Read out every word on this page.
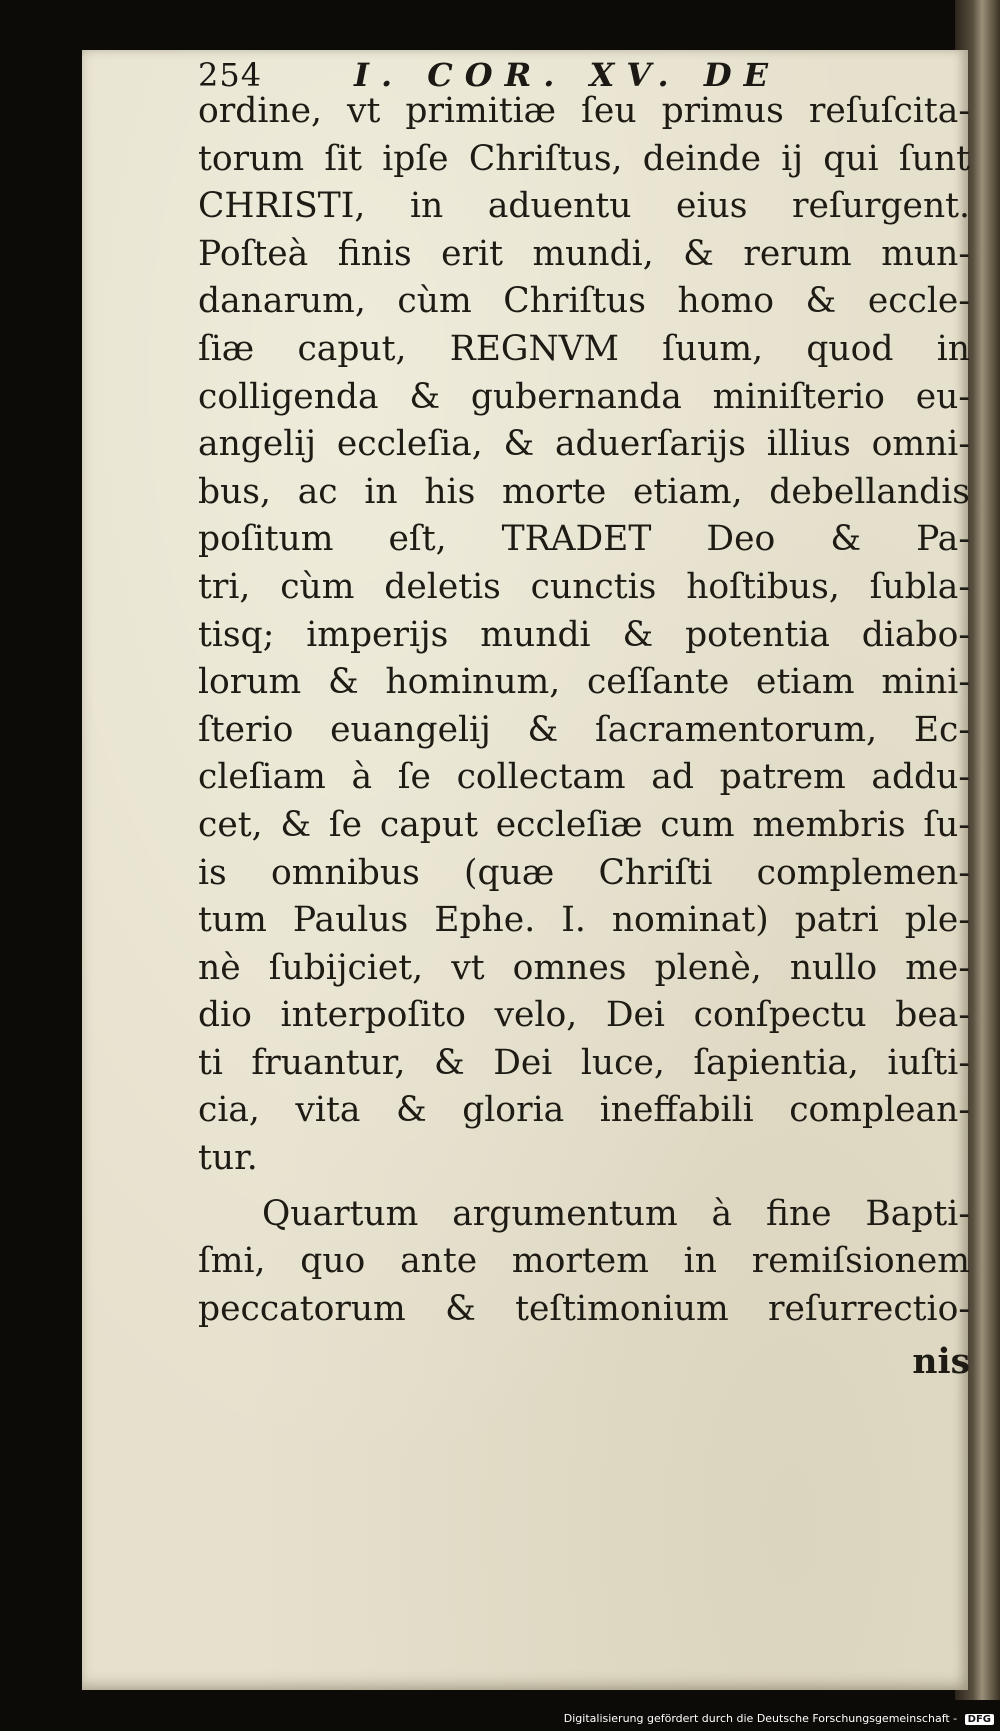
254	I. COR. XV. DE
ordine, vt primitiæ ſeu primus reſuſcita-
torum ſit ipſe Chriſtus, deinde ij qui ſunt
CHRISTI, in aduentu eius reſurgent.
Poſteà finis erit mundi, & rerum mun-
danarum, cùm Chriſtus homo & eccle-
ſiæ caput, REGNVM ſuum, quod in
colligenda & gubernanda miniſterio eu-
angelij eccleſia, & aduerſarijs illius omni-
bus, ac in his morte etiam, debellandis
poſitum eſt, TRADET Deo & Pa-
tri, cùm deletis cunctis hoſtibus, ſubla-
tisq; imperijs mundi & potentia diabo-
lorum & hominum, ceſſante etiam mini-
ſterio euangelij & ſacramentorum, Ec-
cleſiam à ſe collectam ad patrem addu-
cet, & ſe caput eccleſiæ cum membris ſu-
is omnibus (quæ Chriſti complemen-
tum Paulus Ephe. I. nominat) patri ple-
nè ſubijciet, vt omnes plenè, nullo me-
dio interpoſito velo, Dei conſpectu bea-
ti fruantur, & Dei luce, ſapientia, iuſti-
cia, vita & gloria ineffabili complean-
tur.
Quartum argumentum à fine Bapti-
ſmi, quo ante mortem in remiſsionem
peccatorum & teſtimonium reſurrectio-
nis
Digitalisierung gefördert durch die Deutsche Forschungsgemeinschaft - DFG
